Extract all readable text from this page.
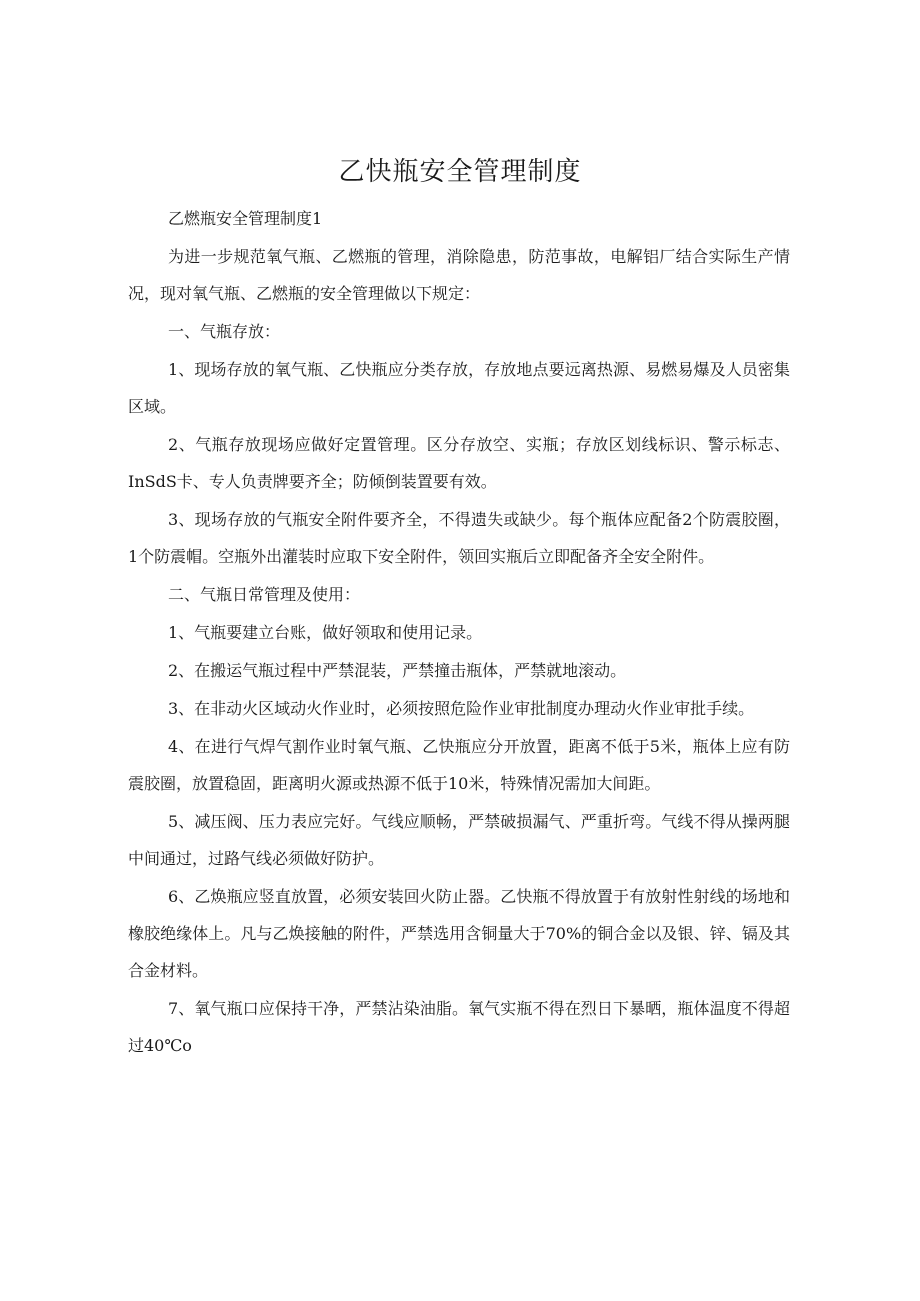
乙快瓶安全管理制度

乙燃瓶安全管理制度1

为进一步规范氧气瓶、乙燃瓶的管理，消除隐患，防范事故，电解铝厂结合实际生产情况，现对氧气瓶、乙燃瓶的安全管理做以下规定：

一、气瓶存放：

1、现场存放的氧气瓶、乙快瓶应分类存放，存放地点要远离热源、易燃易爆及人员密集区域。

2、气瓶存放现场应做好定置管理。区分存放空、实瓶；存放区划线标识、警示标志、InSdS卡、专人负责牌要齐全；防倾倒装置要有效。

3、现场存放的气瓶安全附件要齐全，不得遗失或缺少。每个瓶体应配备2个防震胶圈，1个防震帽。空瓶外出灌装时应取下安全附件，领回实瓶后立即配备齐全安全附件。

二、气瓶日常管理及使用：

1、气瓶要建立台账，做好领取和使用记录。

2、在搬运气瓶过程中严禁混装，严禁撞击瓶体，严禁就地滚动。

3、在非动火区域动火作业时，必须按照危险作业审批制度办理动火作业审批手续。

4、在进行气焊气割作业时氧气瓶、乙快瓶应分开放置，距离不低于5米，瓶体上应有防震胶圈，放置稳固，距离明火源或热源不低于10米，特殊情况需加大间距。

5、减压阀、压力表应完好。气线应顺畅，严禁破损漏气、严重折弯。气线不得从操两腿中间通过，过路气线必须做好防护。

6、乙焕瓶应竖直放置，必须安装回火防止器。乙快瓶不得放置于有放射性射线的场地和橡胶绝缘体上。凡与乙焕接触的附件，严禁选用含铜量大于70%的铜合金以及银、锌、镉及其合金材料。

7、氧气瓶口应保持干净，严禁沾染油脂。氧气实瓶不得在烈日下暴晒，瓶体温度不得超过40℃o
